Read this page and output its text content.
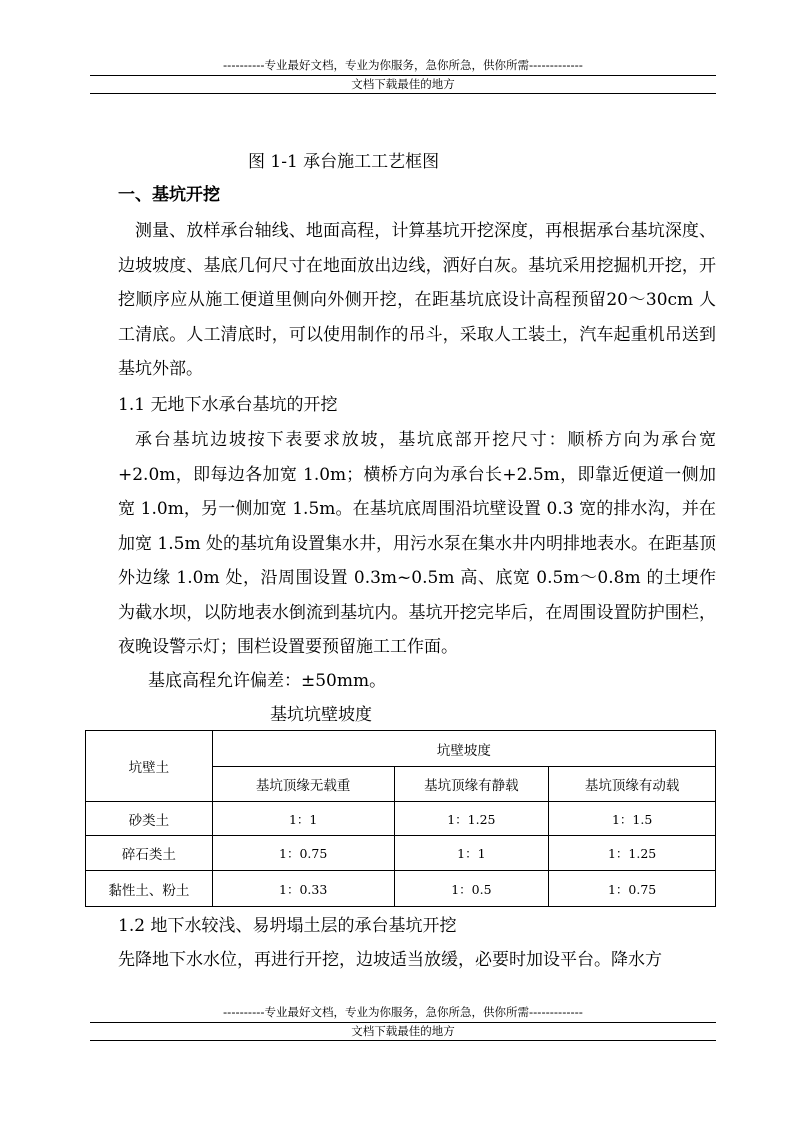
----------专业最好文档，专业为你服务，急你所急，供你所需-------------
文档下载最佳的地方
图 1-1 承台施工工艺框图
一、基坑开挖
测量、放样承台轴线、地面高程，计算基坑开挖深度，再根据承台基坑深度、边坡坡度、基底几何尺寸在地面放出边线，洒好白灰。基坑采用挖掘机开挖，开挖顺序应从施工便道里侧向外侧开挖，在距基坑底设计高程预留20～30cm 人工清底。人工清底时，可以使用制作的吊斗，采取人工装土，汽车起重机吊送到基坑外部。
1.1 无地下水承台基坑的开挖
承台基坑边坡按下表要求放坡，基坑底部开挖尺寸：顺桥方向为承台宽+2.0m，即每边各加宽 1.0m；横桥方向为承台长+2.5m，即靠近便道一侧加宽 1.0m，另一侧加宽 1.5m。在基坑底周围沿坑壁设置 0.3 宽的排水沟，并在加宽 1.5m 处的基坑角设置集水井，用污水泵在集水井内明排地表水。在距基顶外边缘 1.0m 处，沿周围设置 0.3m~0.5m 高、底宽 0.5m～0.8m 的土埂作为截水坝，以防地表水倒流到基坑内。基坑开挖完毕后，在周围设置防护围栏，夜晚设警示灯；围栏设置要预留施工工作面。
基底高程允许偏差：±50mm。
基坑坑壁坡度
坑壁土	坑壁坡度		
	基坑顶缘无载重	基坑顶缘有静载	基坑顶缘有动载
砂类土	1：1	1：1.25	1：1.5
碎石类土	1：0.75	1：1	1：1.25
黏性土、粉土	1：0.33	1：0.5	1：0.75
1.2 地下水较浅、易坍塌土层的承台基坑开挖
先降地下水水位，再进行开挖，边坡适当放缓，必要时加设平台。降水方
----------专业最好文档，专业为你服务，急你所急，供你所需-------------
文档下载最佳的地方
